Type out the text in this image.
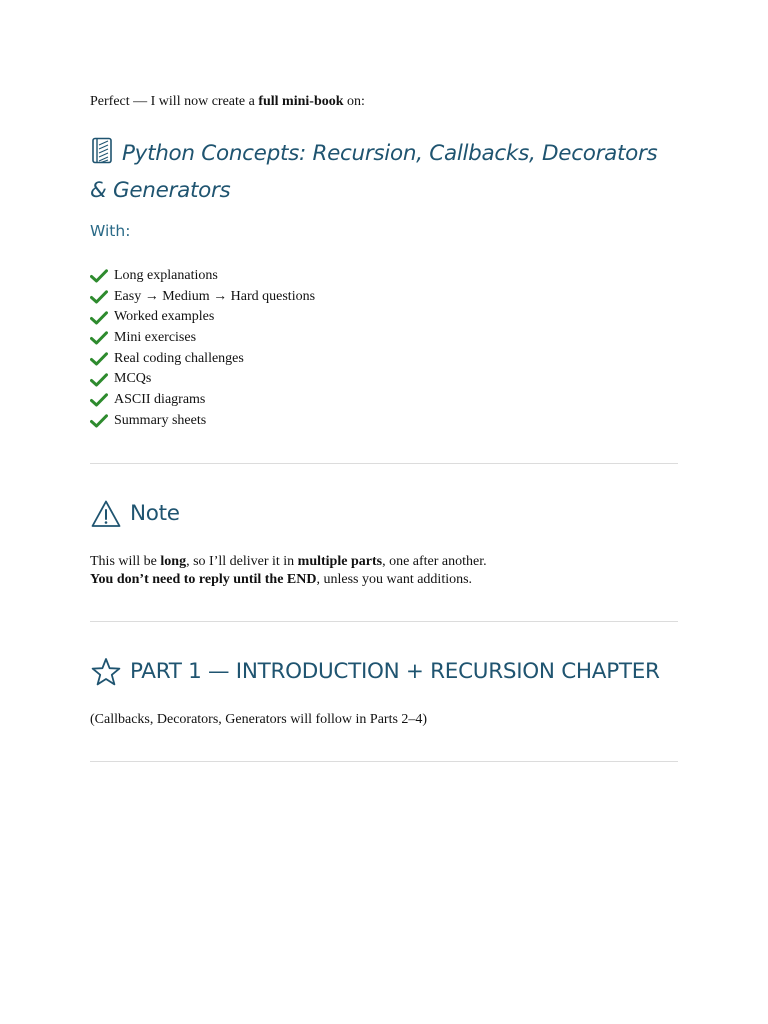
Perfect — I will now create a full mini-book on:
Python Concepts: Recursion, Callbacks, Decorators & Generators
With:
Long explanations
Easy → Medium → Hard questions
Worked examples
Mini exercises
Real coding challenges
MCQs
ASCII diagrams
Summary sheets
Note
This will be long, so I’ll deliver it in multiple parts, one after another.
You don’t need to reply until the END, unless you want additions.
PART 1 — INTRODUCTION + RECURSION CHAPTER
(Callbacks, Decorators, Generators will follow in Parts 2–4)
